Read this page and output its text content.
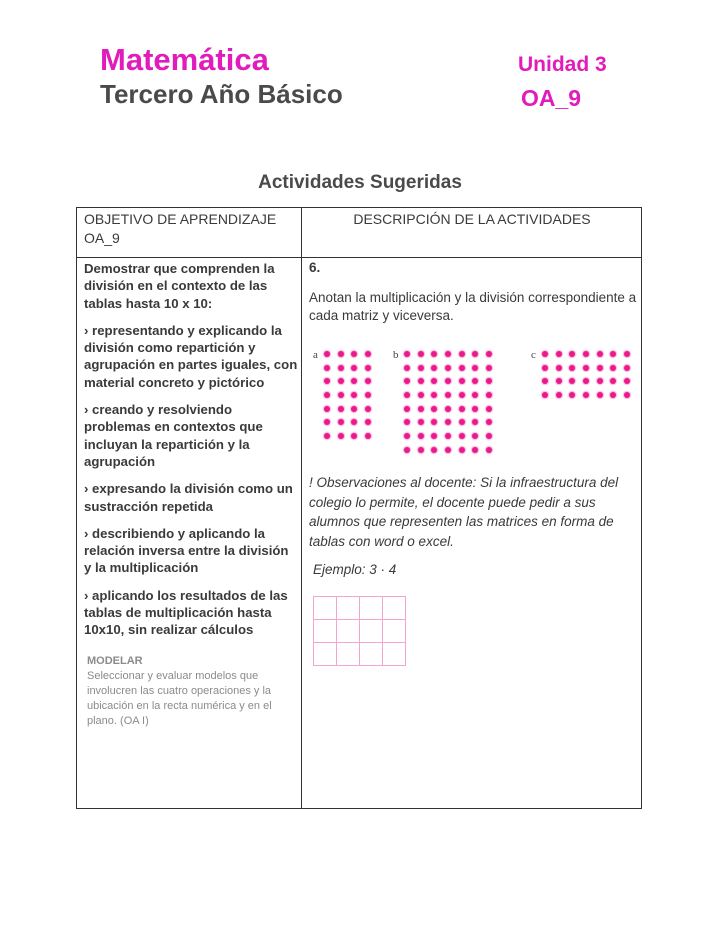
Matemática
Tercero Año Básico
Unidad 3
OA_9
Actividades Sugeridas
OBJETIVO DE APRENDIZAJE OA_9
DESCRIPCIÓN DE LA ACTIVIDADES

Demostrar que comprenden la división en el contexto de las tablas hasta 10 x 10:

› representando y explicando la división como repartición y agrupación en partes iguales, con material concreto y pictórico

› creando y resolviendo problemas en contextos que incluyan la repartición y la agrupación

› expresando la división como un sustracción repetida

› describiendo y aplicando la relación inversa entre la división y la multiplicación

› aplicando los resultados de las tablas de multiplicación hasta 10x10, sin realizar cálculos

MODELAR
Seleccionar y evaluar modelos que involucren las cuatro operaciones y la ubicación en la recta numérica y en el plano. (OA I)
6.
Anotan la multiplicación y la división correspondiente a cada matriz y viceversa.
a	b	c
! Observaciones al docente: Si la infraestructura del colegio lo permite, el docente puede pedir a sus alumnos que representen las matrices en forma de tablas con word o excel.
Ejemplo: 3 · 4
